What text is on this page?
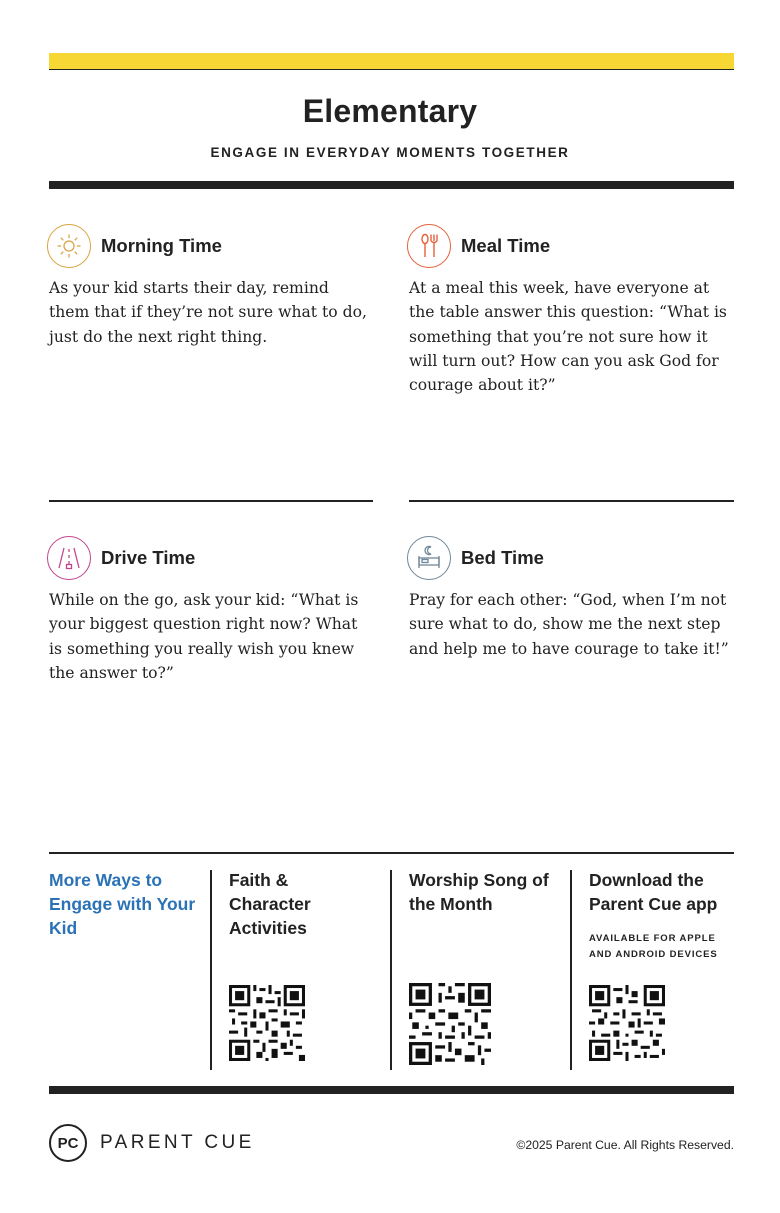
Elementary
ENGAGE IN EVERYDAY MOMENTS TOGETHER
Morning Time
As your kid starts their day, remind them that if they’re not sure what to do, just do the next right thing.
Meal Time
At a meal this week, have everyone at the table answer this question: “What is something that you’re not sure how it will turn out? How can you ask God for courage about it?”
Drive Time
While on the go, ask your kid: “What is your biggest question right now? What is something you really wish you knew the answer to?”
Bed Time
Pray for each other: “God, when I’m not sure what to do, show me the next step and help me to have courage to take it!”
More Ways to Engage with Your Kid
Faith & Character Activities
Worship Song of the Month
Download the Parent Cue app
AVAILABLE FOR APPLE AND ANDROID DEVICES
PC	PARENT CUE	©2025 Parent Cue. All Rights Reserved.
